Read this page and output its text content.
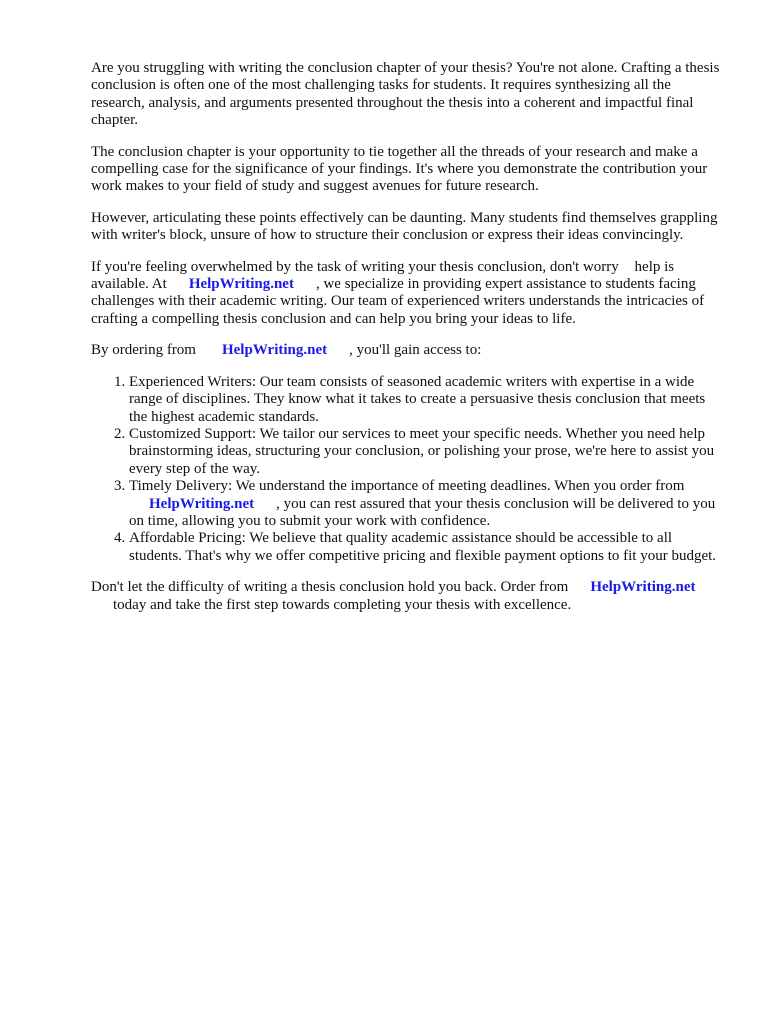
Are you struggling with writing the conclusion chapter of your thesis? You're not alone. Crafting a thesis conclusion is often one of the most challenging tasks for students. It requires synthesizing all the research, analysis, and arguments presented throughout the thesis into a coherent and impactful final chapter.

The conclusion chapter is your opportunity to tie together all the threads of your research and make a compelling case for the significance of your findings. It's where you demonstrate the contribution your work makes to your field of study and suggest avenues for future research.

However, articulating these points effectively can be daunting. Many students find themselves grappling with writer's block, unsure of how to structure their conclusion or express their ideas convincingly.

If you're feeling overwhelmed by the task of writing your thesis conclusion, don't worry help is available. At HelpWriting.net , we specialize in providing expert assistance to students facing challenges with their academic writing. Our team of experienced writers understands the intricacies of crafting a compelling thesis conclusion and can help you bring your ideas to life.

By ordering from HelpWriting.net , you'll gain access to:

1. Experienced Writers: Our team consists of seasoned academic writers with expertise in a wide range of disciplines. They know what it takes to create a persuasive thesis conclusion that meets the highest academic standards.
2. Customized Support: We tailor our services to meet your specific needs. Whether you need help brainstorming ideas, structuring your conclusion, or polishing your prose, we're here to assist you every step of the way.
3. Timely Delivery: We understand the importance of meeting deadlines. When you order from
HelpWriting.net , you can rest assured that your thesis conclusion will be delivered to you on time, allowing you to submit your work with confidence.
4. Affordable Pricing: We believe that quality academic assistance should be accessible to all students. That's why we offer competitive pricing and flexible payment options to fit your budget.

Don't let the difficulty of writing a thesis conclusion hold you back. Order from HelpWriting.net
today and take the first step towards completing your thesis with excellence.
